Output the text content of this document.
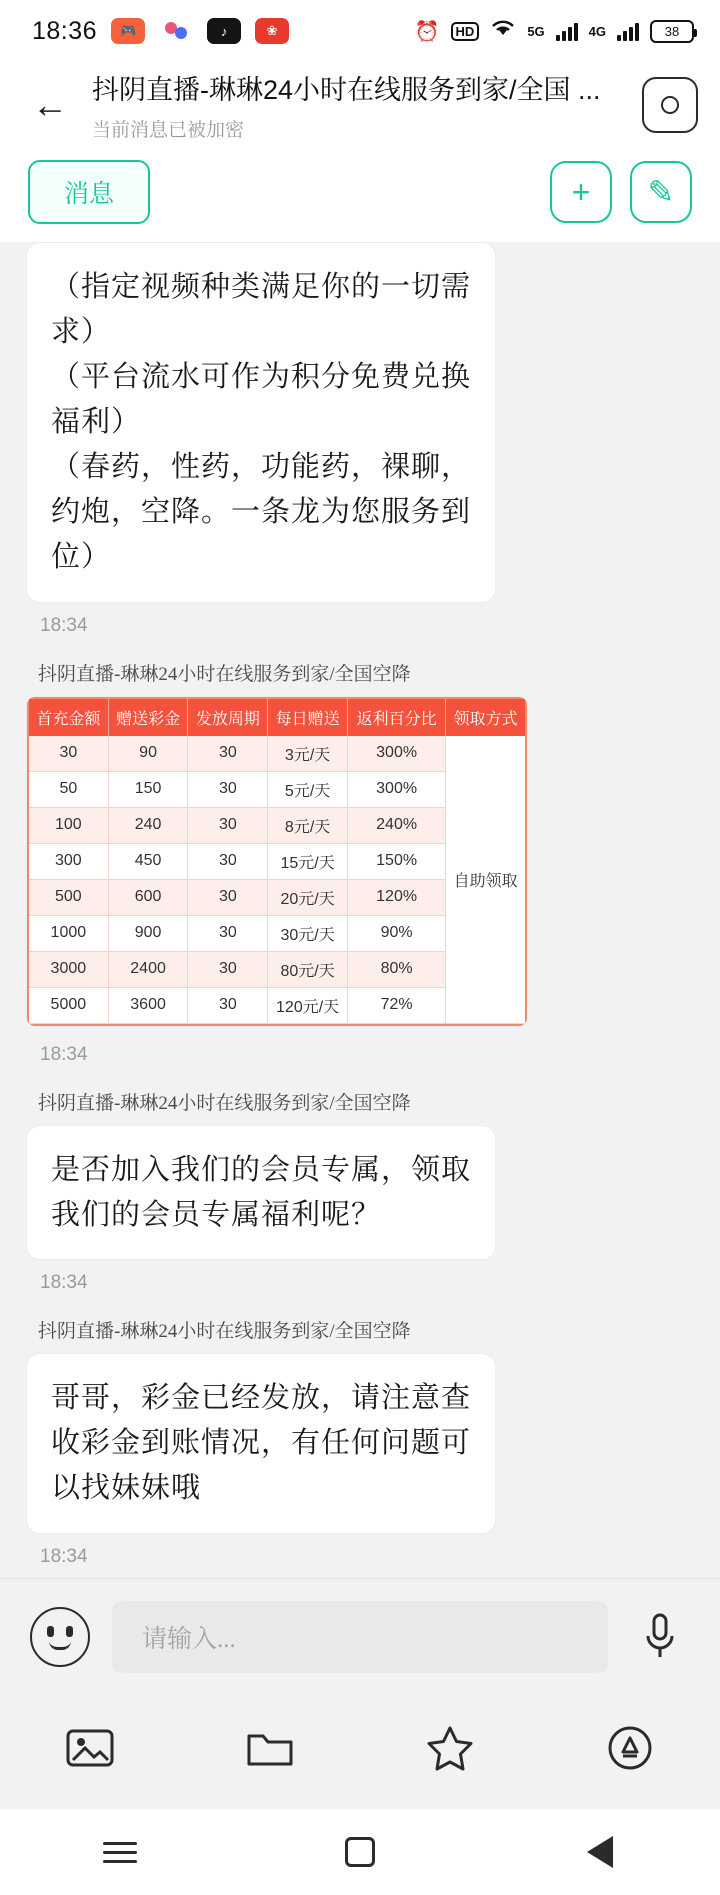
18:36	🎮	♪	❀	⏰	HD	5G	4G	38
← 抖阴直播-琳琳24小时在线服务到家/全国 ...
当前消息已被加密
消息	+	✎

（指定视频种类满足你的一切需

求）

（平台流水可作为积分免费兑换

福利）

（春药，性药，功能药，裸聊，

约炮，空降。一条龙为您服务到

位）

18:34
抖阴直播-琳琳24小时在线服务到家/全国空降
首充金额	赠送彩金	发放周期	每日赠送	返利百分比	领取方式
30	90	30	3元/天	300%	自助领取
50	150	30	5元/天	300%	
100	240	30	8元/天	240%	
300	450	30	15元/天	150%	
500	600	30	20元/天	120%	
1000	900	30	30元/天	90%	
3000	2400	30	80元/天	80%	
5000	3600	30	120元/天	72%	
18:34
抖阴直播-琳琳24小时在线服务到家/全国空降

是否加入我们的会员专属，领取

我们的会员专属福利呢？

18:34
抖阴直播-琳琳24小时在线服务到家/全国空降

哥哥，彩金已经发放，请注意查

收彩金到账情况，有任何问题可

以找妹妹哦

18:34
请输入...
